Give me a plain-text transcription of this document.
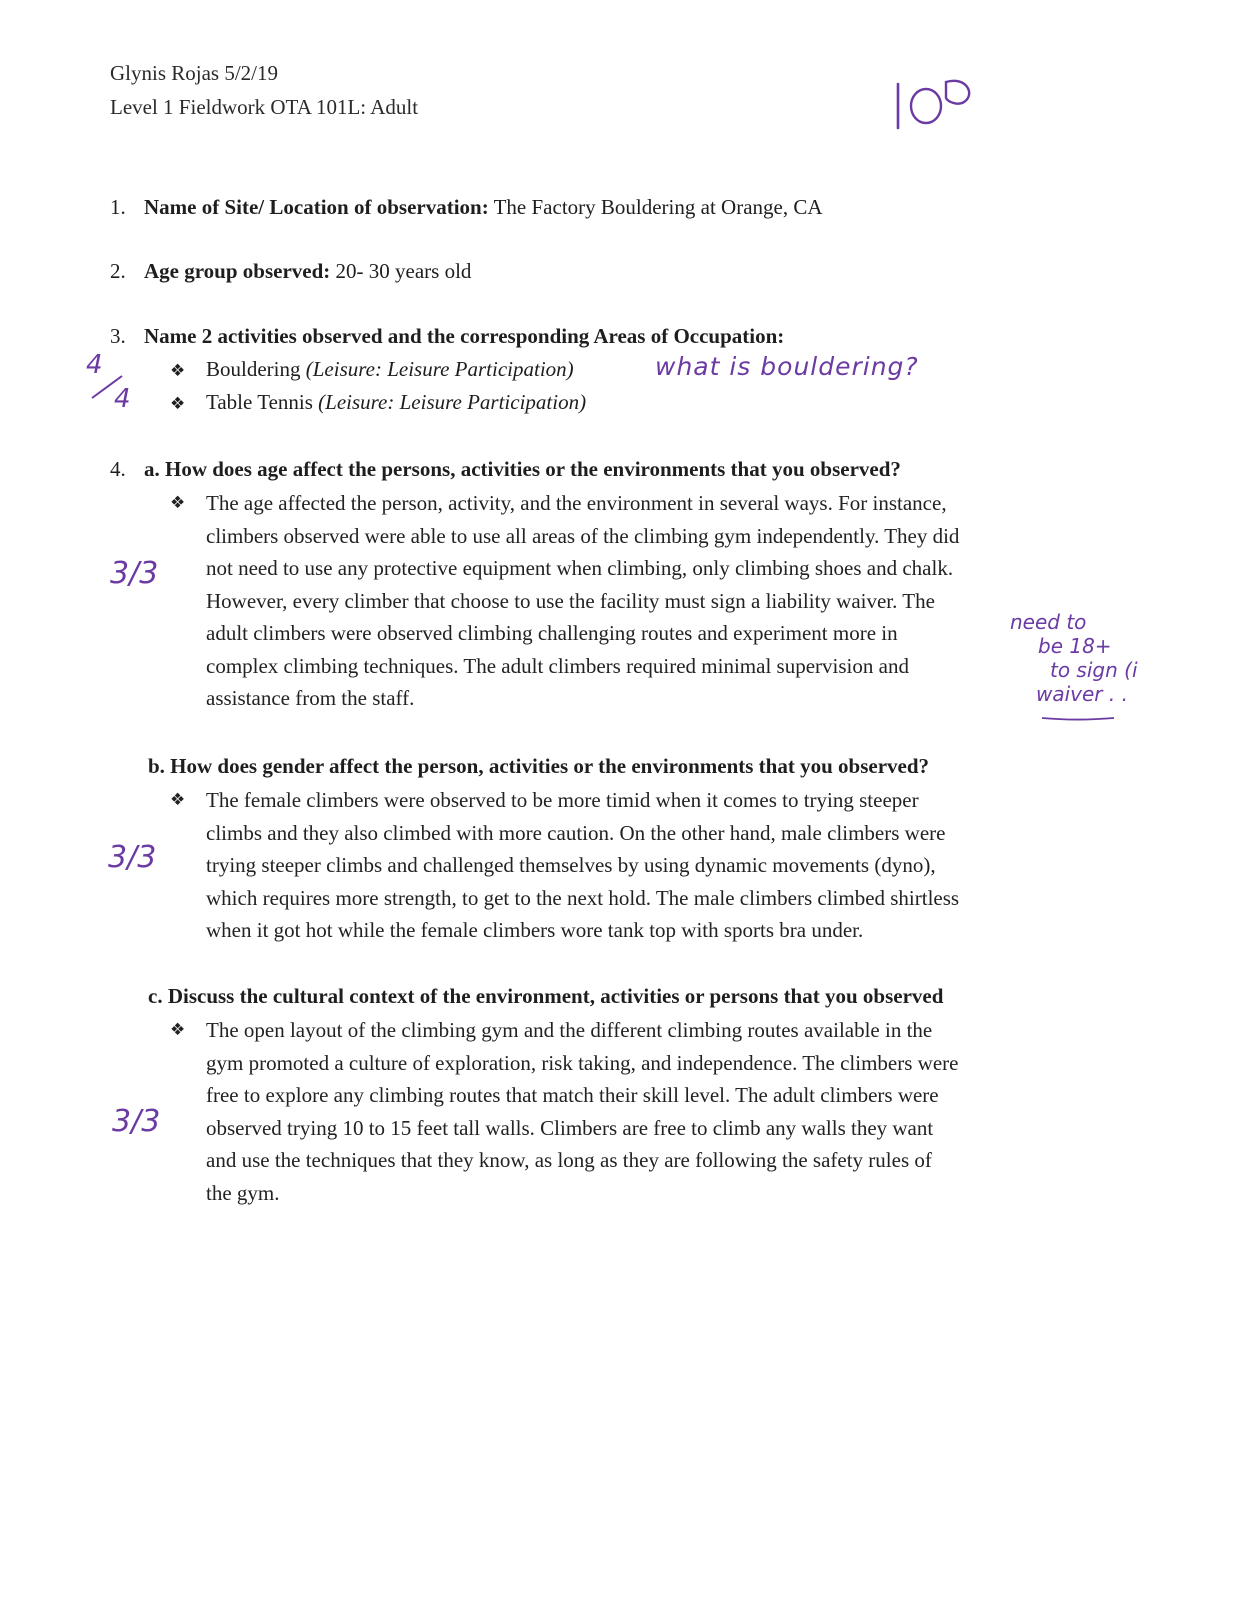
Glynis Rojas 5/2/19
Level 1 Fieldwork OTA 101L: Adult
1. Name of Site/ Location of observation: The Factory Bouldering at Orange, CA
2. Age group observed: 20- 30 years old
3. Name 2 activities observed and the corresponding Areas of Occupation:
❖ Bouldering (Leisure: Leisure Participation)
❖ Table Tennis (Leisure: Leisure Participation)
4
4
what is bouldering?
4. a. How does age affect the persons, activities or the environments that you observed?
❖ The age affected the person, activity, and the environment in several ways. For instance,
climbers observed were able to use all areas of the climbing gym independently. They did
not need to use any protective equipment when climbing, only climbing shoes and chalk.
However, every climber that choose to use the facility must sign a liability waiver. The
adult climbers were observed climbing challenging routes and experiment more in
complex climbing techniques. The adult climbers required minimal supervision and
assistance from the staff.
3/3
need to
be 18+
to sign (i
waiver . .
b. How does gender affect the person, activities or the environments that you observed?
❖ The female climbers were observed to be more timid when it comes to trying steeper
climbs and they also climbed with more caution. On the other hand, male climbers were
trying steeper climbs and challenged themselves by using dynamic movements (dyno),
which requires more strength, to get to the next hold. The male climbers climbed shirtless
when it got hot while the female climbers wore tank top with sports bra under.
3/3
c. Discuss the cultural context of the environment, activities or persons that you observed
❖ The open layout of the climbing gym and the different climbing routes available in the
gym promoted a culture of exploration, risk taking, and independence. The climbers were
free to explore any climbing routes that match their skill level. The adult climbers were
observed trying 10 to 15 feet tall walls. Climbers are free to climb any walls they want
and use the techniques that they know, as long as they are following the safety rules of
the gym.
3/3
